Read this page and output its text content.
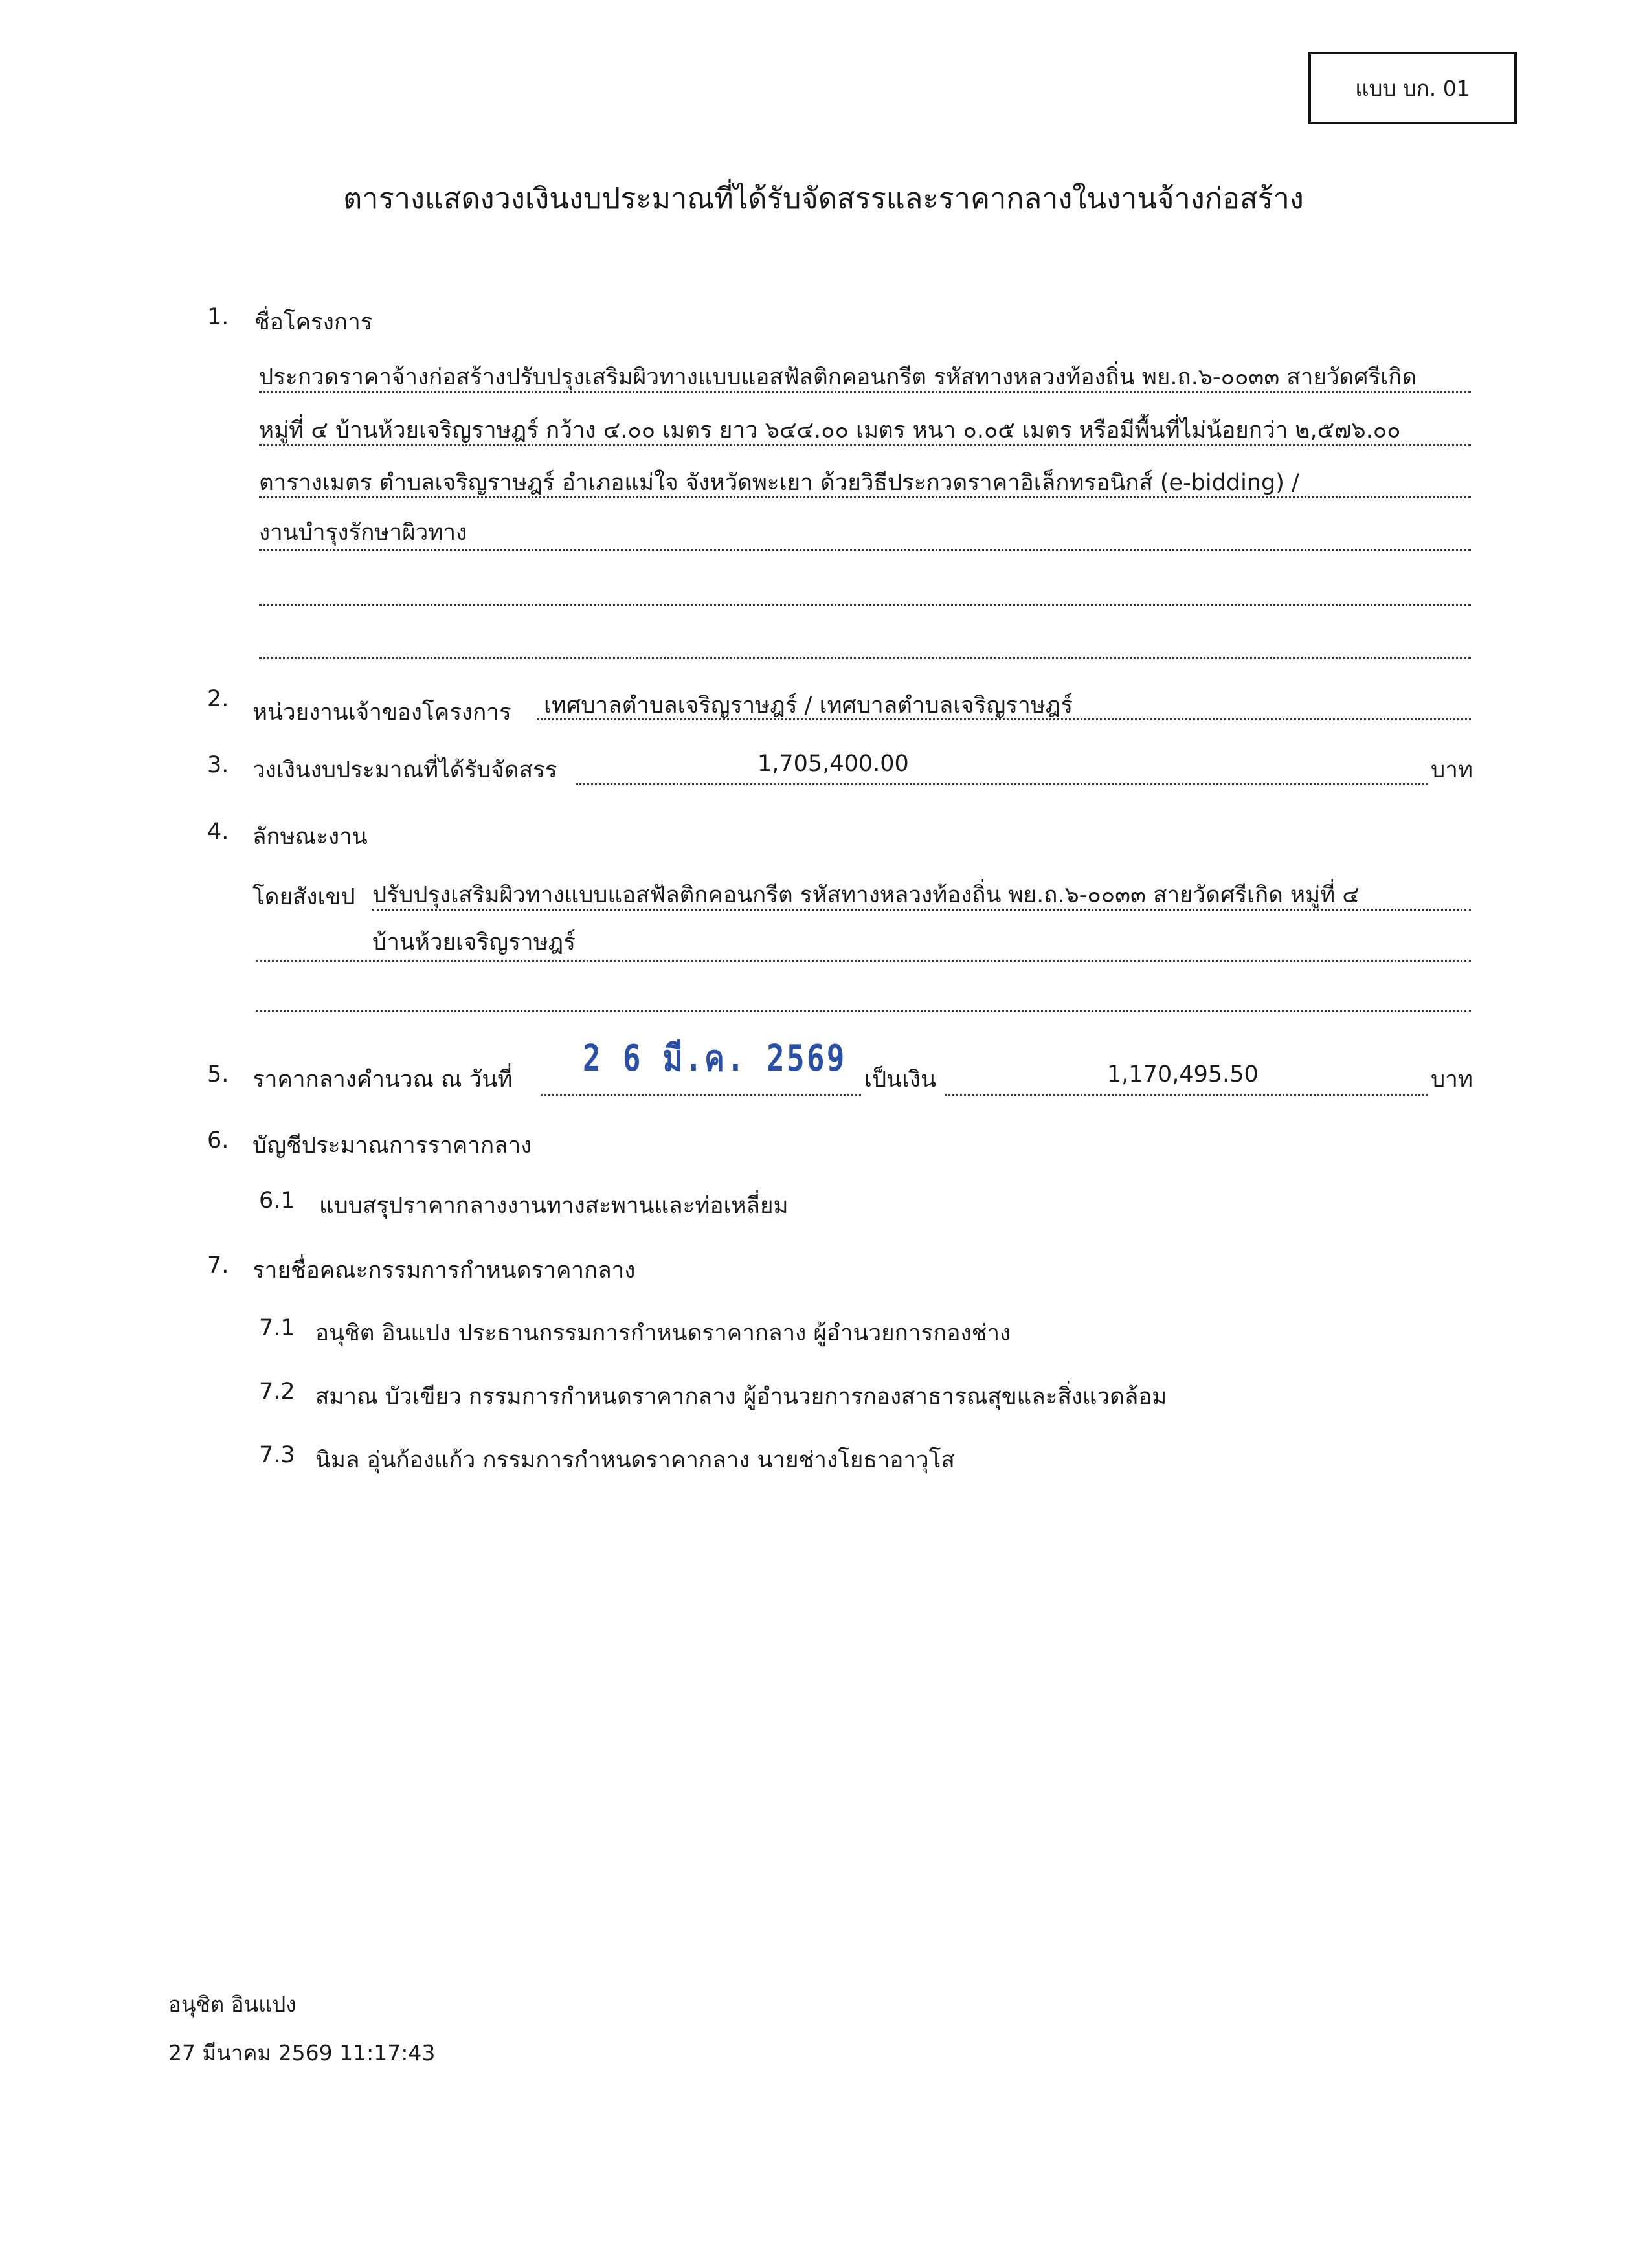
แบบ บก. 01
ตารางแสดงวงเงินงบประมาณที่ได้รับจัดสรรและราคากลางในงานจ้างก่อสร้าง
1. ชื่อโครงการ
ประกวดราคาจ้างก่อสร้างปรับปรุงเสริมผิวทางแบบแอสฟัลติกคอนกรีต รหัสทางหลวงท้องถิ่น พย.ถ.๖-๐๐๓๓ สายวัดศรีเกิด
หมู่ที่ ๔ บ้านห้วยเจริญราษฎร์ กว้าง ๔.๐๐ เมตร ยาว ๖๔๔.๐๐ เมตร หนา ๐.๐๕ เมตร หรือมีพื้นที่ไม่น้อยกว่า ๒,๕๗๖.๐๐
ตารางเมตร ตำบลเจริญราษฎร์ อำเภอแม่ใจ จังหวัดพะเยา ด้วยวิธีประกวดราคาอิเล็กทรอนิกส์ (e-bidding) /
งานบำรุงรักษาผิวทาง
2.
หน่วยงานเจ้าของโครงการ เทศบาลตำบลเจริญราษฎร์ / เทศบาลตำบลเจริญราษฎร์
3. วงเงินงบประมาณที่ได้รับจัดสรร	1,705,400.00	บาท
4. ลักษณะงาน
โดยสังเขป ปรับปรุงเสริมผิวทางแบบแอสฟัลติกคอนกรีต รหัสทางหลวงท้องถิ่น พย.ถ.๖-๐๐๓๓ สายวัดศรีเกิด หมู่ที่ ๔
บ้านห้วยเจริญราษฎร์
5. ราคากลางคำนวณ ณ วันที่ 2 6 มี.ค. 2569 เป็นเงิน	1,170,495.50	บาท
6. บัญชีประมาณการราคากลาง
6.1 แบบสรุปราคากลางงานทางสะพานและท่อเหลี่ยม
7. รายชื่อคณะกรรมการกำหนดราคากลาง
7.1 อนุชิต อินแปง ประธานกรรมการกำหนดราคากลาง ผู้อำนวยการกองช่าง
7.2 สมาณ บัวเขียว กรรมการกำหนดราคากลาง ผู้อำนวยการกองสาธารณสุขและสิ่งแวดล้อม
7.3 นิมล อุ่นก้องแก้ว กรรมการกำหนดราคากลาง นายช่างโยธาอาวุโส
อนุชิต อินแปง
27 มีนาคม 2569 11:17:43
